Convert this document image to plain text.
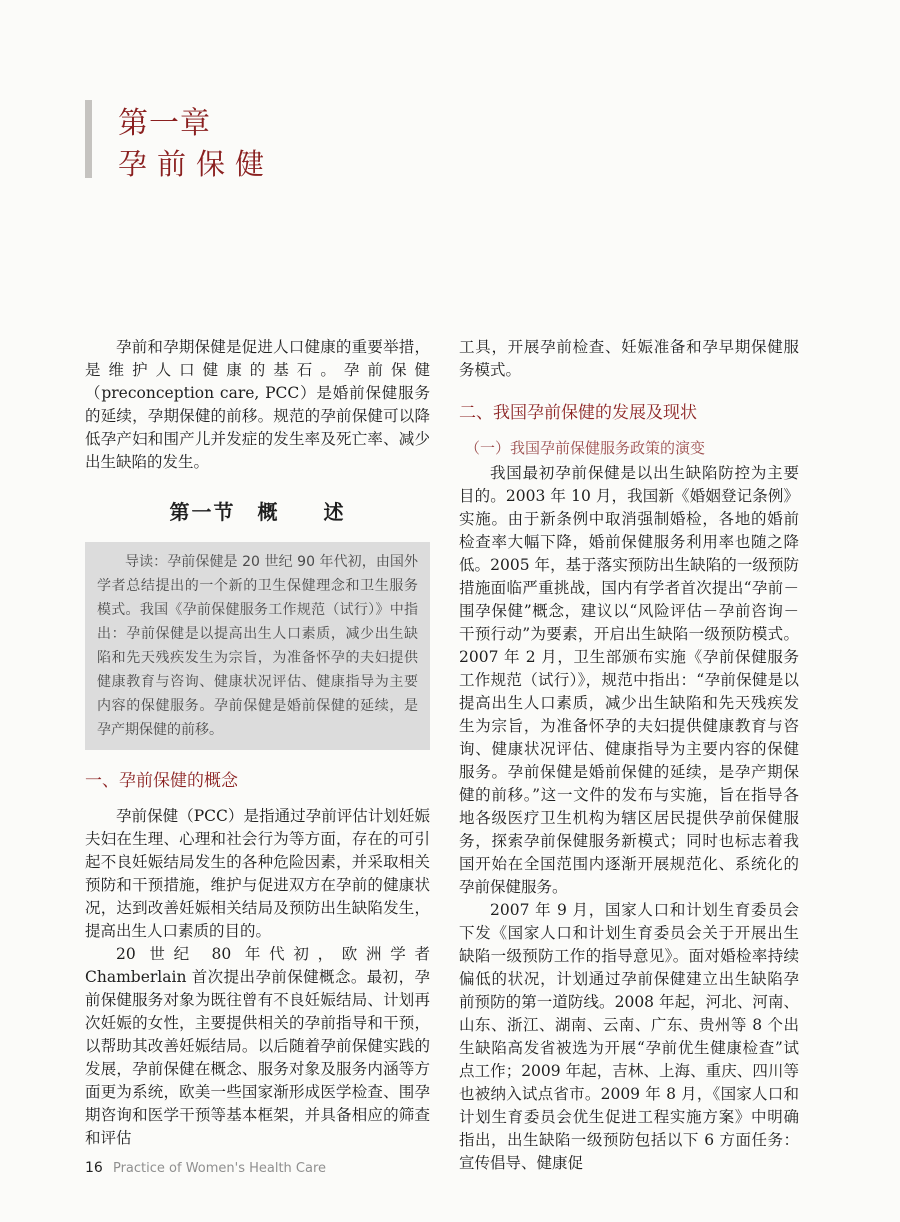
第一章
孕前保健

孕前和孕期保健是促进人口健康的重要举措，是维护人口健康的基石。孕前保健（preconception care, PCC）是婚前保健服务的延续，孕期保健的前移。规范的孕前保健可以降低孕产妇和围产儿并发症的发生率及死亡率、减少出生缺陷的发生。

第一节　概　　述
导读：孕前保健是 20 世纪 90 年代初，由国外学者总结提出的一个新的卫生保健理念和卫生服务模式。我国《孕前保健服务工作规范（试行）》中指出：孕前保健是以提高出生人口素质，减少出生缺陷和先天残疾发生为宗旨，为准备怀孕的夫妇提供健康教育与咨询、健康状况评估、健康指导为主要内容的保健服务。孕前保健是婚前保健的延续，是孕产期保健的前移。
一、孕前保健的概念

孕前保健（PCC）是指通过孕前评估计划妊娠夫妇在生理、心理和社会行为等方面，存在的可引起不良妊娠结局发生的各种危险因素，并采取相关预防和干预措施，维护与促进双方在孕前的健康状况，达到改善妊娠相关结局及预防出生缺陷发生，提高出生人口素质的目的。

20 世纪 80 年代初，欧洲学者 Chamberlain 首次提出孕前保健概念。最初，孕前保健服务对象为既往曾有不良妊娠结局、计划再次妊娠的女性，主要提供相关的孕前指导和干预，以帮助其改善妊娠结局。以后随着孕前保健实践的发展，孕前保健在概念、服务对象及服务内涵等方面更为系统，欧美一些国家渐形成医学检查、围孕期咨询和医学干预等基本框架，并具备相应的筛查和评估

工具，开展孕前检查、妊娠准备和孕早期保健服务模式。

二、我国孕前保健的发展及现状
（一）我国孕前保健服务政策的演变

我国最初孕前保健是以出生缺陷防控为主要目的。2003 年 10 月，我国新《婚姻登记条例》实施。由于新条例中取消强制婚检，各地的婚前检查率大幅下降，婚前保健服务利用率也随之降低。2005 年，基于落实预防出生缺陷的一级预防措施面临严重挑战，国内有学者首次提出“孕前－围孕保健”概念，建议以“风险评估－孕前咨询－干预行动”为要素，开启出生缺陷一级预防模式。2007 年 2 月，卫生部颁布实施《孕前保健服务工作规范（试行）》，规范中指出：“孕前保健是以提高出生人口素质，减少出生缺陷和先天残疾发生为宗旨，为准备怀孕的夫妇提供健康教育与咨询、健康状况评估、健康指导为主要内容的保健服务。孕前保健是婚前保健的延续，是孕产期保健的前移。”这一文件的发布与实施，旨在指导各地各级医疗卫生机构为辖区居民提供孕前保健服务，探索孕前保健服务新模式；同时也标志着我国开始在全国范围内逐渐开展规范化、系统化的孕前保健服务。

2007 年 9 月，国家人口和计划生育委员会下发《国家人口和计划生育委员会关于开展出生缺陷一级预防工作的指导意见》。面对婚检率持续偏低的状况，计划通过孕前保健建立出生缺陷孕前预防的第一道防线。2008 年起，河北、河南、山东、浙江、湖南、云南、广东、贵州等 8 个出生缺陷高发省被选为开展“孕前优生健康检查”试点工作；2009 年起，吉林、上海、重庆、四川等也被纳入试点省市。2009 年 8 月，《国家人口和计划生育委员会优生促进工程实施方案》中明确指出，出生缺陷一级预防包括以下 6 方面任务：宣传倡导、健康促

16 Practice of Women's Health Care
